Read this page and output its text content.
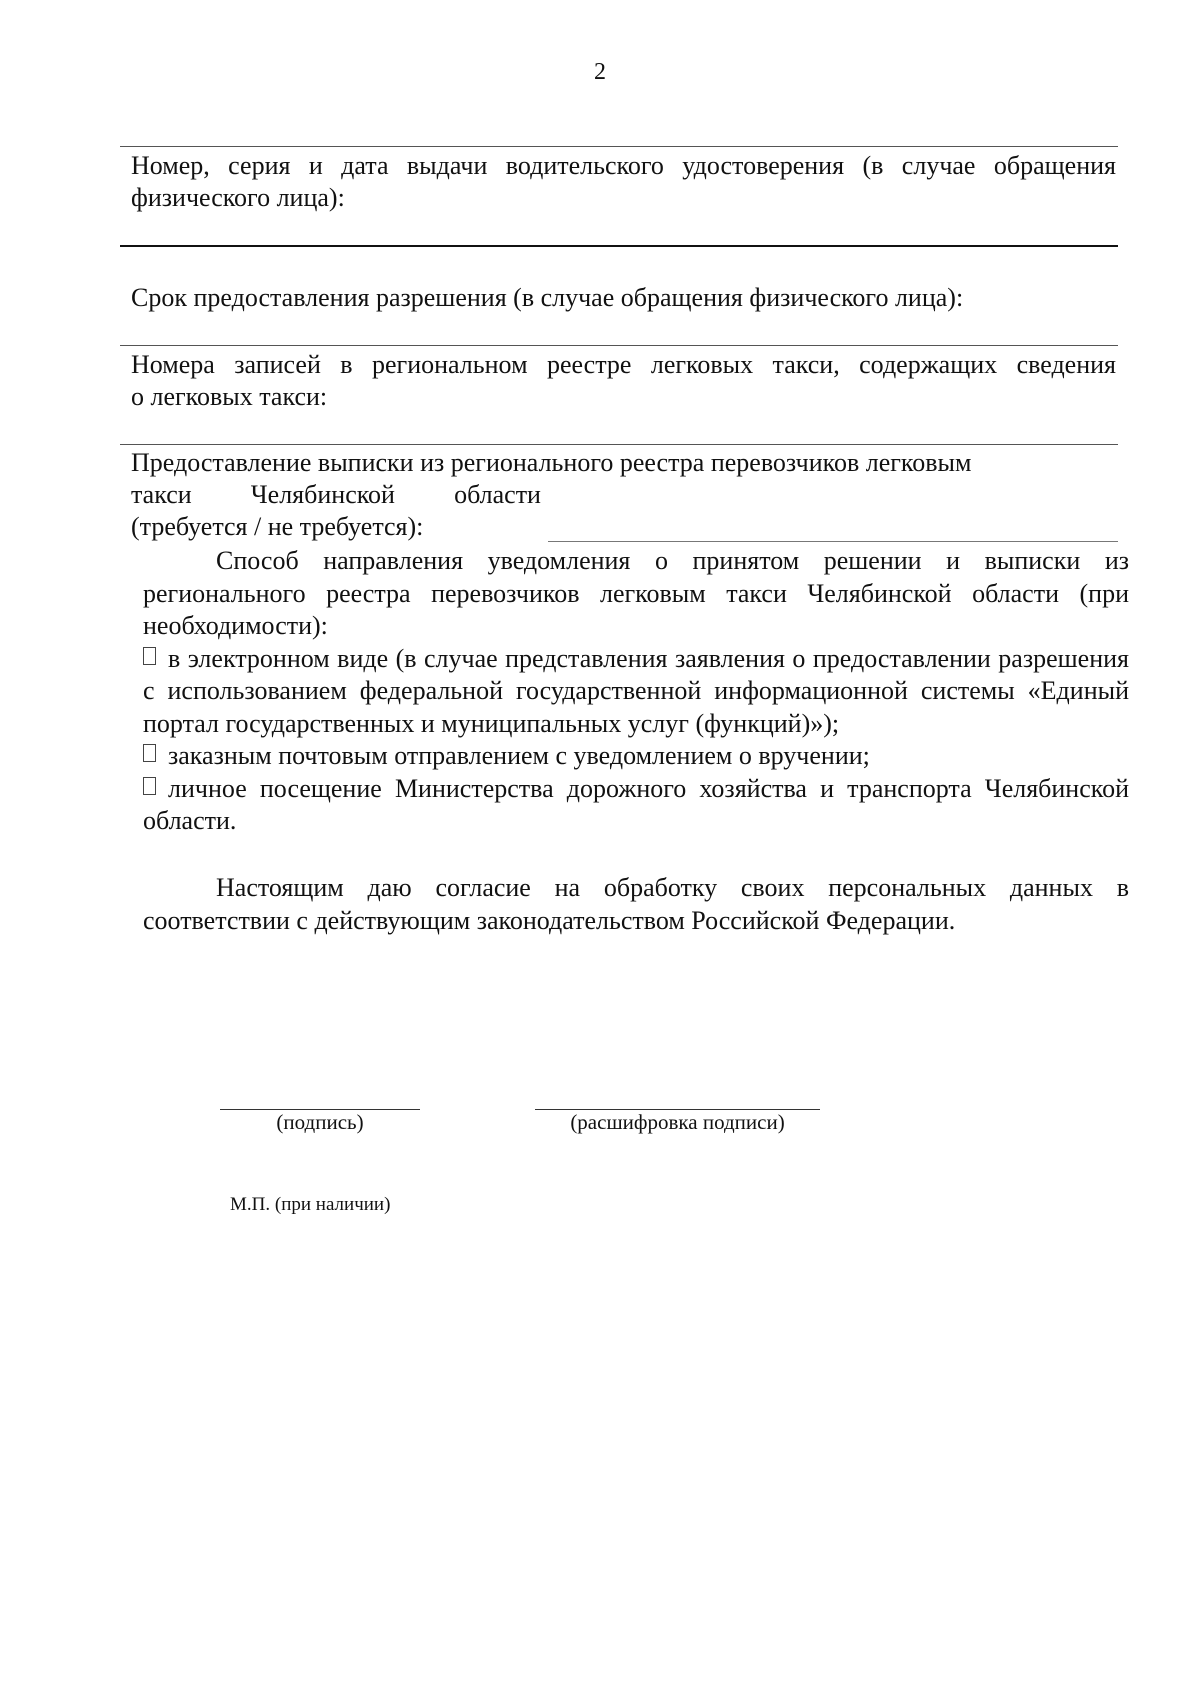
2
Номер, серия и дата выдачи водительского удостоверения (в случае обращения
физического лица):
Срок предоставления разрешения (в случае обращения физического лица):
Номера записей в региональном реестре легковых такси, содержащих сведения
о легковых такси:
Предоставление выписки из регионального реестра перевозчиков легковым
такси Челябинской области
(требуется / не требуется):

Способ направления уведомления о принятом решении и выписки из регионального реестра перевозчиков легковым такси Челябинской области (при необходимости):

в электронном виде (в случае представления заявления о предоставлении разрешения с использованием федеральной государственной информационной системы «Единый портал государственных и муниципальных услуг (функций)»);

заказным почтовым отправлением с уведомлением о вручении;

личное посещение Министерства дорожного хозяйства и транспорта Челябинской области.

Настоящим даю согласие на обработку своих персональных данных в соответствии с действующим законодательством Российской Федерации.

(подпись)	(расшифровка подписи)
М.П. (при наличии)
